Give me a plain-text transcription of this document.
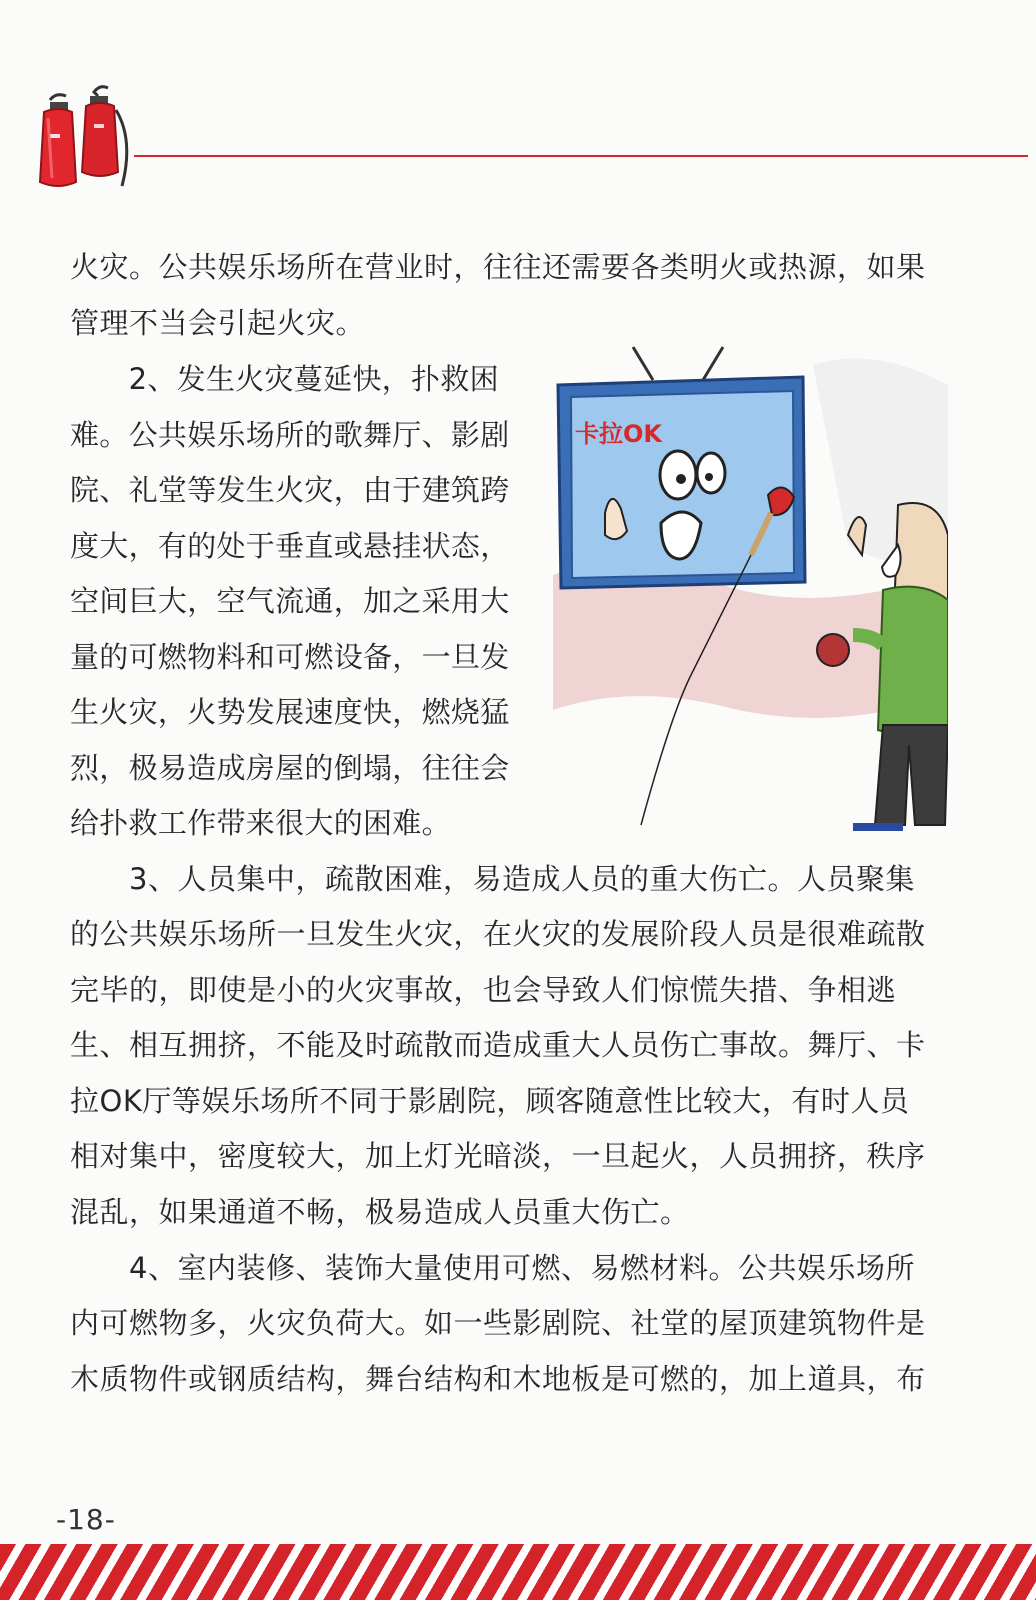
火灾。公共娱乐场所在营业时，往往还需要各类明火或热源，如果
管理不当会引起火灾。
　　2、发生火灾蔓延快，扑救困
难。公共娱乐场所的歌舞厅、影剧
院、礼堂等发生火灾，由于建筑跨
度大，有的处于垂直或悬挂状态，
空间巨大，空气流通，加之采用大
量的可燃物料和可燃设备，一旦发
生火灾，火势发展速度快，燃烧猛
烈，极易造成房屋的倒塌，往往会
给扑救工作带来很大的困难。
　　3、人员集中，疏散困难，易造成人员的重大伤亡。人员聚集
的公共娱乐场所一旦发生火灾，在火灾的发展阶段人员是很难疏散
完毕的，即使是小的火灾事故，也会导致人们惊慌失措、争相逃
生、相互拥挤，不能及时疏散而造成重大人员伤亡事故。舞厅、卡
拉OK厅等娱乐场所不同于影剧院，顾客随意性比较大，有时人员
相对集中，密度较大，加上灯光暗淡，一旦起火，人员拥挤，秩序
混乱，如果通道不畅，极易造成人员重大伤亡。
　　4、室内装修、装饰大量使用可燃、易燃材料。公共娱乐场所
内可燃物多，火灾负荷大。如一些影剧院、社堂的屋顶建筑物件是
木质物件或钢质结构，舞台结构和木地板是可燃的，加上道具，布
卡拉OK
-18-
